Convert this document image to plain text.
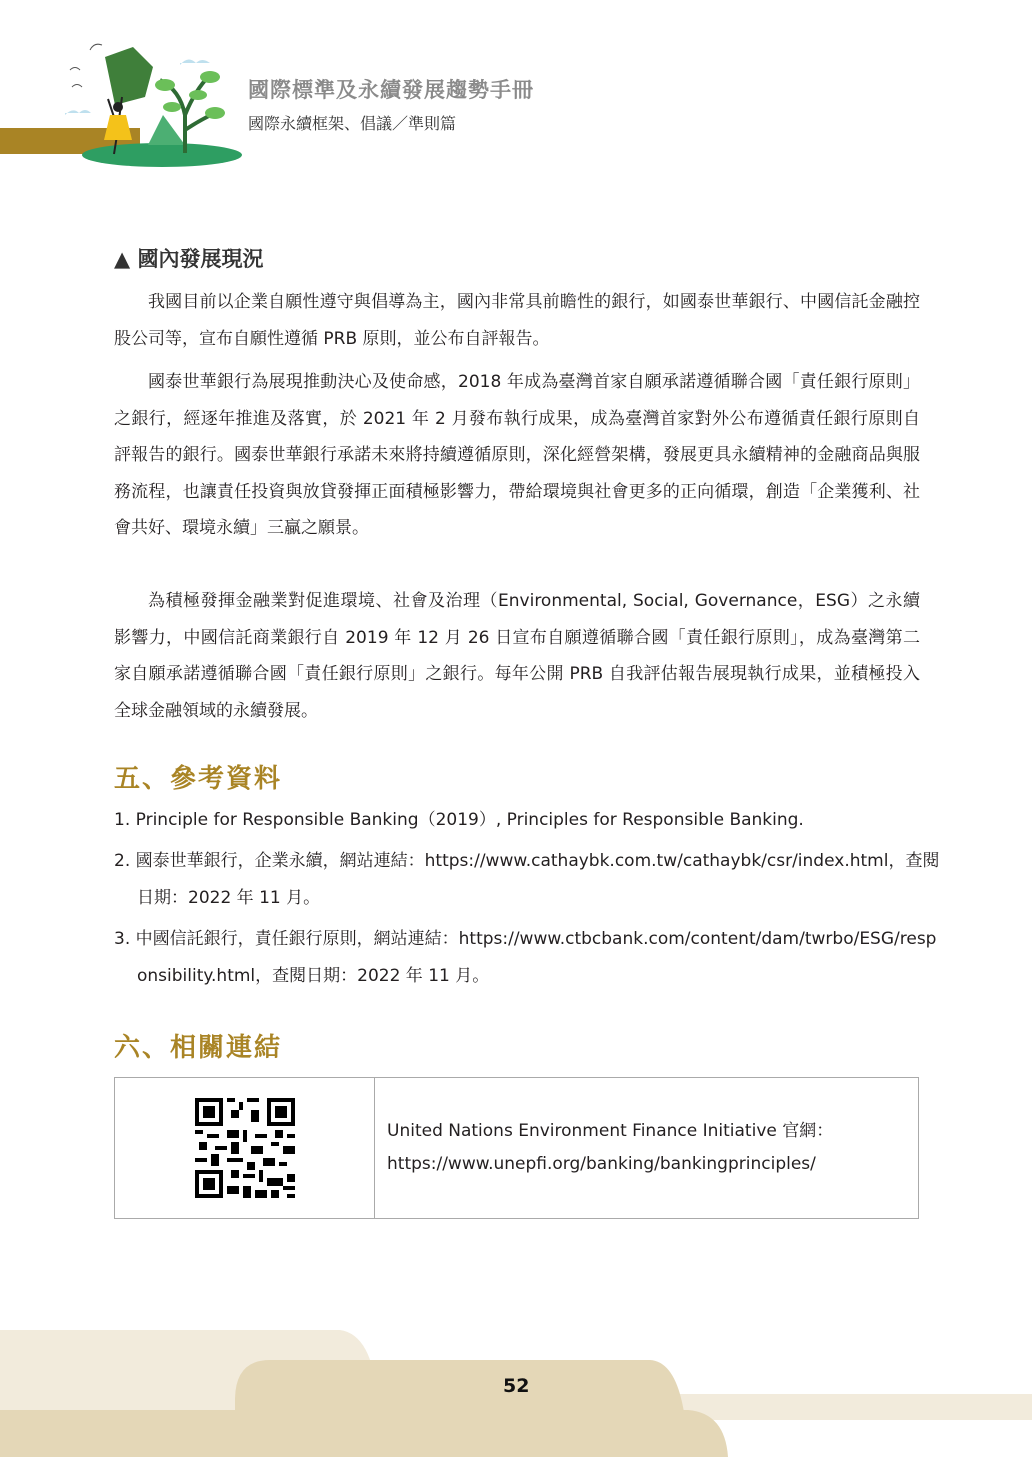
國際標準及永續發展趨勢手冊
國際永續框架、倡議／準則篇
▲ 國內發展現況

我國目前以企業自願性遵守與倡導為主，國內非常具前瞻性的銀行，如國泰世華銀行、中國信託金融控股公司等，宣布自願性遵循 PRB 原則，並公布自評報告。

國泰世華銀行為展現推動決心及使命感，2018 年成為臺灣首家自願承諾遵循聯合國「責任銀行原則」之銀行，經逐年推進及落實，於 2021 年 2 月發布執行成果，成為臺灣首家對外公布遵循責任銀行原則自評報告的銀行。國泰世華銀行承諾未來將持續遵循原則，深化經營架構，發展更具永續精神的金融商品與服務流程，也讓責任投資與放貸發揮正面積極影響力，帶給環境與社會更多的正向循環，創造「企業獲利、社會共好、環境永續」三贏之願景。

為積極發揮金融業對促進環境、社會及治理（Environmental, Social, Governance，ESG）之永續影響力，中國信託商業銀行自 2019 年 12 月 26 日宣布自願遵循聯合國「責任銀行原則」，成為臺灣第二家自願承諾遵循聯合國「責任銀行原則」之銀行。每年公開 PRB 自我評估報告展現執行成果，並積極投入全球金融領域的永續發展。

五、參考資料

1. Principle for Responsible Banking（2019）, Principles for Responsible Banking.

2. 國泰世華銀行，企業永續，網站連結：https://www.cathaybk.com.tw/cathaybk/csr/index.html，查閱日期：2022 年 11 月。

3. 中國信託銀行，責任銀行原則，網站連結：https://www.ctbcbank.com/content/dam/twrbo/ESG/responsibility.html，查閱日期：2022 年 11 月。

六、相關連結
United Nations Environment Finance Initiative 官網：
https://www.unepfi.org/banking/bankingprinciples/
52
